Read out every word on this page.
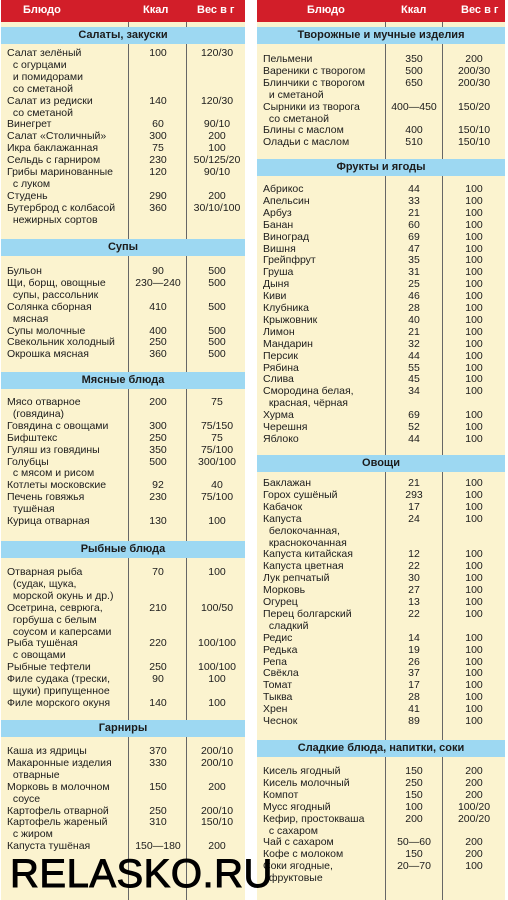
Блюдо	Ккал	Вес в г
Салаты, закуски
Салат зелёный	100	120/30
с огурцами
и помидорами
со сметаной
Салат из редиски	140	120/30
со сметаной
Винегрет	60	90/10
Салат «Столичный»	300	200
Икра баклажанная	75	100
Сельдь с гарниром	230	50/125/20
Грибы маринованные	120	90/10
с луком
Студень	290	200
Бутерброд с колбасой	360	30/10/100
нежирных сортов
Супы
Бульон	90	500
Щи, борщ, овощные	230—240	500
супы, рассольник
Солянка сборная	410	500
мясная
Супы молочные	400	500
Свекольник холодный	250	500
Окрошка мясная	360	500
Мясные блюда
Мясо отварное	200	75
(говядина)
Говядина с овощами	300	75/150
Бифштекс	250	75
Гуляш из говядины	350	75/100
Голубцы	500	300/100
с мясом и рисом
Котлеты московские	92	40
Печень говяжья	230	75/100
тушёная
Курица отварная	130	100
Рыбные блюда
Отварная рыба	70	100
(судак, щука,
морской окунь и др.)
Осетрина, севрюга,	210	100/50
горбуша с белым
соусом и каперсами
Рыба тушёная	220	100/100
с овощами
Рыбные тефтели	250	100/100
Филе судака (трески,	90	100
щуки) припущенное
Филе морского окуня	140	100
Гарниры
Каша из ядрицы	370	200/10
Макаронные изделия	330	200/10
отварные
Морковь в молочном	150	200
соусе
Картофель отварной	250	200/10
Картофель жареный	310	150/10
с жиром
Капуста тушёная	150—180	200
Блюдо	Ккал	Вес в г
Творожные и мучные изделия
Пельмени	350	200
Вареники с творогом	500	200/30
Блинчики с творогом	650	200/30
и сметаной
Сырники из творога	400—450	150/20
со сметаной
Блины с маслом	400	150/10
Оладьи с маслом	510	150/10
Фрукты и ягоды
Абрикос	44	100
Апельсин	33	100
Арбуз	21	100
Банан	60	100
Виноград	69	100
Вишня	47	100
Грейпфрут	35	100
Груша	31	100
Дыня	25	100
Киви	46	100
Клубника	28	100
Крыжовник	40	100
Лимон	21	100
Мандарин	32	100
Персик	44	100
Рябина	55	100
Слива	45	100
Смородина белая,	34	100
красная, чёрная
Хурма	69	100
Черешня	52	100
Яблоко	44	100
Овощи
Баклажан	21	100
Горох сушёный	293	100
Кабачок	17	100
Капуста	24	100
белокочанная,
краснокочанная
Капуста китайская	12	100
Капуста цветная	22	100
Лук репчатый	30	100
Морковь	27	100
Огурец	13	100
Перец болгарский	22	100
сладкий
Редис	14	100
Редька	19	100
Репа	26	100
Свёкла	37	100
Томат	17	100
Тыква	28	100
Хрен	41	100
Чеснок	89	100
Сладкие блюда, напитки, соки
Кисель ягодный	150	200
Кисель молочный	250	200
Компот	150	200
Мусс ягодный	100	100/20
Кефир, простокваша	200	200/20
с сахаром
Чай с сахаром	50—60	200
Кофе с молоком	150	200
Соки ягодные,	20—70	100
фруктовые
RELASKO.RU
